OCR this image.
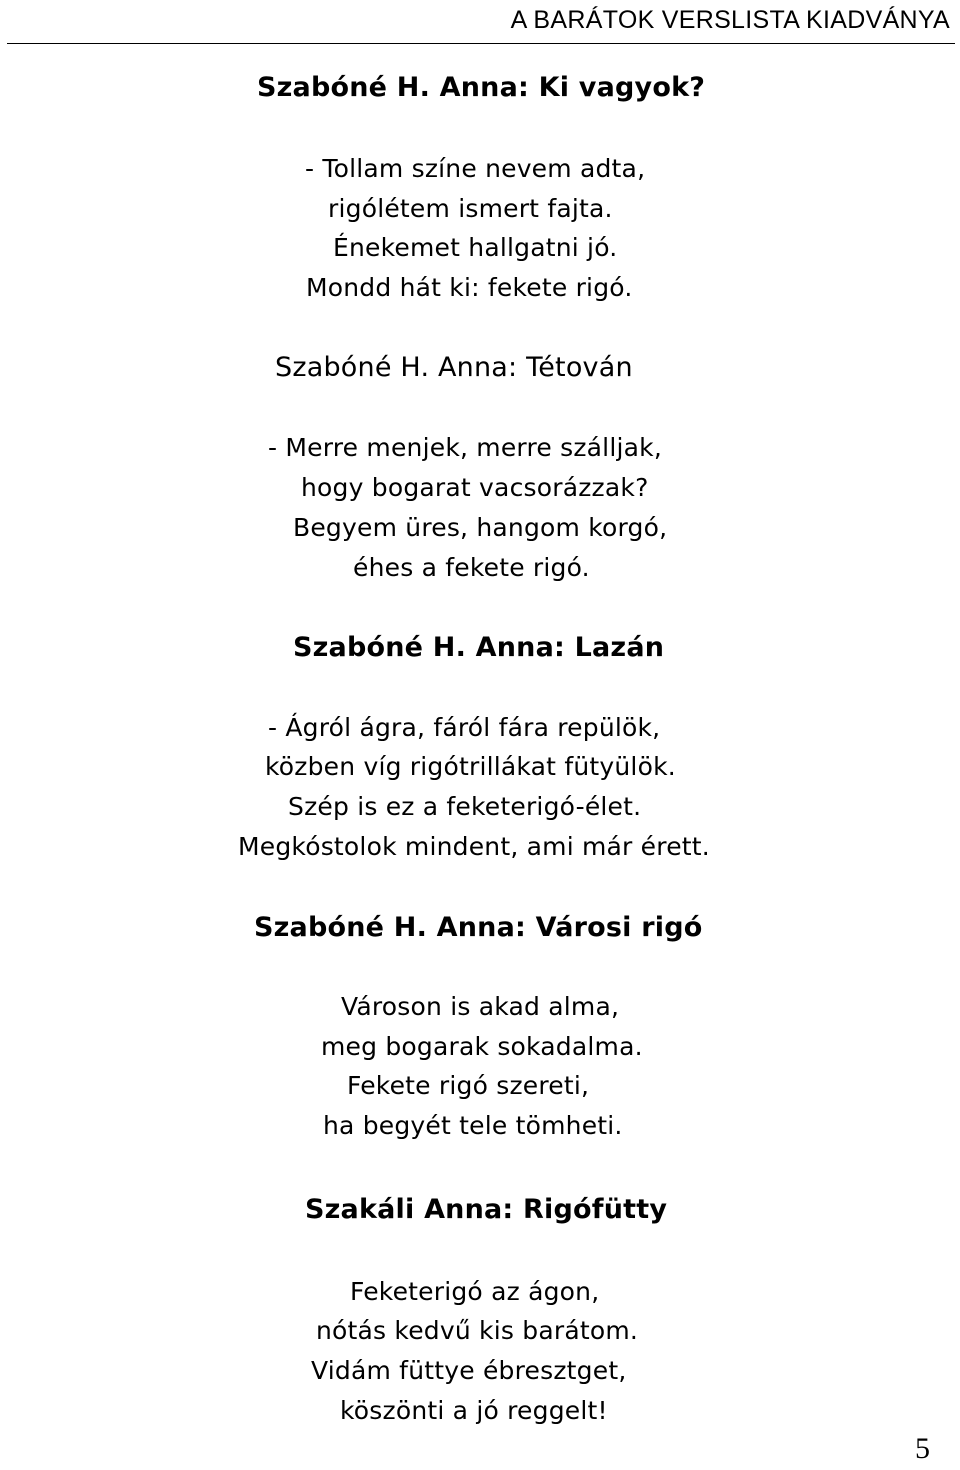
A BARÁTOK VERSLISTA KIADVÁNYA
Szabóné H. Anna: Ki vagyok?
- Tollam színe nevem adta,
rigólétem ismert fajta.
Énekemet hallgatni jó.
Mondd hát ki: fekete rigó.
Szabóné H. Anna: Tétován
- Merre menjek, merre szálljak,
hogy bogarat vacsorázzak?
Begyem üres, hangom korgó,
éhes a fekete rigó.
Szabóné H. Anna: Lazán
- Ágról ágra, fáról fára repülök,
közben víg rigótrillákat fütyülök.
Szép is ez a feketerigó-élet.
Megkóstolok mindent, ami már érett.
Szabóné H. Anna: Városi rigó
Városon is akad alma,
meg bogarak sokadalma.
Fekete rigó szereti,
ha begyét tele tömheti.
Szakáli Anna: Rigófütty
Feketerigó az ágon,
nótás kedvű kis barátom.
Vidám füttye ébresztget,
köszönti a jó reggelt!
5
